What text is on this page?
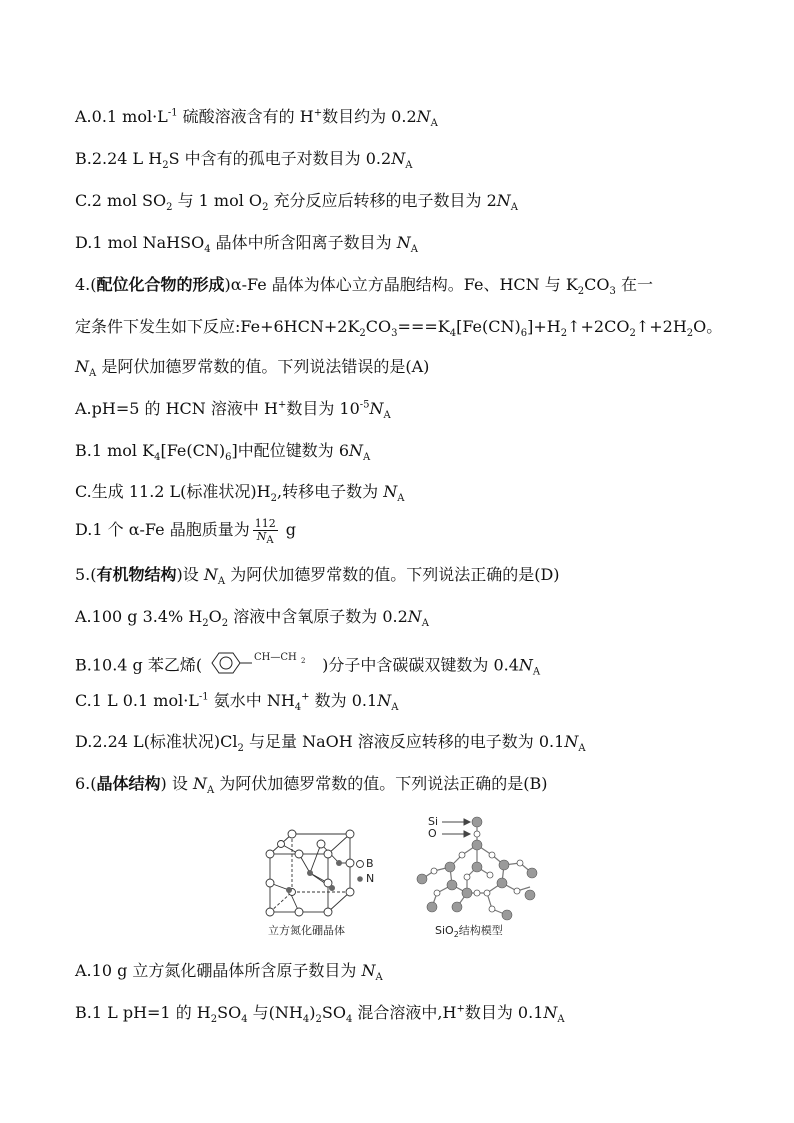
A.0.1 $mol\cdot L^{-1}$ 硫酸溶液含有的 H+数目约为 $0.2N_A$
B.2.24 L $H_2S$ 中含有的孤电子对数目为 $0.2N_A$
C.2 mol $SO_2$ 与 1 mol $O_2$ 充分反应后转移的电子数目为 $2N_A$
D.1 mol NaHSO$_4$ 晶体中所含阳离子数目为 $N_A$
4.(配位化合物的形成)α-Fe 晶体为体心立方晶胞结构。Fe、HCN 与 $K_2CO_3$ 在一
定条件下发生如下反应$:Fe+6HCN+2K_2CO_3===K_4[Fe(CN)_6]+H_2↑+2CO_2↑+2H_2O$。
$N_A$ 是阿伏加德罗常数的值。下列说法错误的是(A)
A.pH=5 的 HCN 溶液中 H+数目为 $10^{-5}N_A$
B.1 mol $K_4[Fe(CN)_6]$中配位键数为 $6N_A$
C.生成 11.2 L(标准状况)$H_2$,转移电子数为 $N_A$
D.1 个 α-Fe 晶胞质量为 $\frac{112}{N_A}$ g
5.(有机物结构)设 $N_A$ 为阿伏加德罗常数的值。下列说法正确的是(D)
A.100 g 3.4% $H_2O_2$ 溶液中含氧原子数为 $0.2N_A$
B.10.4 g 苯乙烯(	CH—CH 2 )分子中含碳碳双键数为 $0.4N_A$
C.1 L 0.1 $mol\cdot L^{-1}$ 氨水中 $NH_4^+$ 数为 $0.1N_A$
D.2.24 L(标准状况)$Cl_2$ 与足量 NaOH 溶液反应转移的电子数为 $0.1N_A$
6.(晶体结构) 设 $N_A$ 为阿伏加德罗常数的值。下列说法正确的是(B)
B
N
立方氮化硼晶体
Si
O
SiO$_2$结构模型
A.10 g 立方氮化硼晶体所含原子数目为 $N_A$
B.1 L pH=1 的 $H_2SO_4$ 与$(NH_4)_2SO_4$ 混合溶液中,H+数目为 $0.1N_A$
